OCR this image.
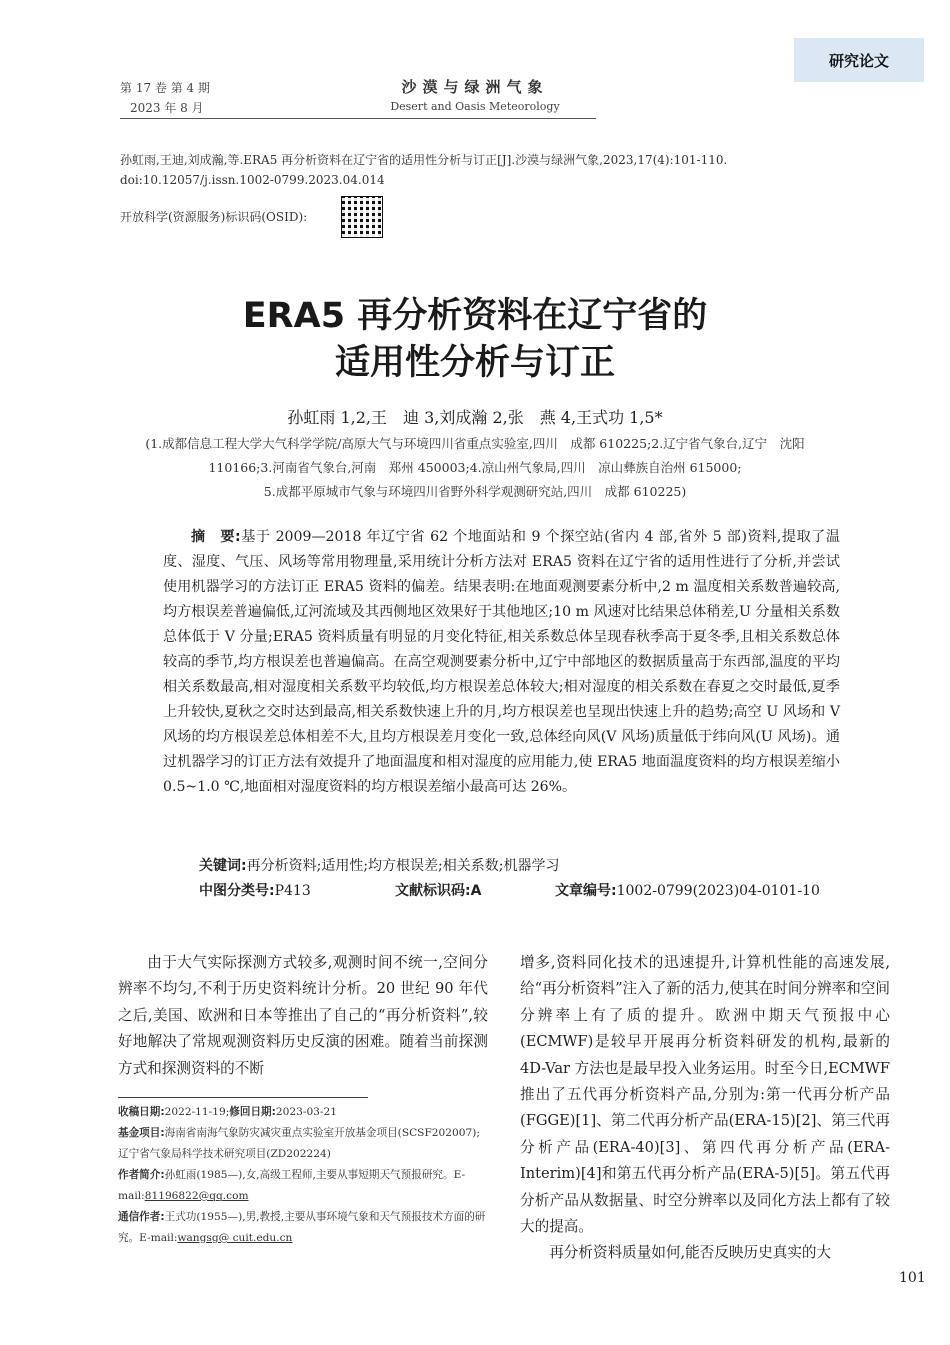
研究论文
第 17 卷 第 4 期
2023 年 8 月
沙漠与绿洲气象
Desert and Oasis Meteorology
孙虹雨,王迪,刘成瀚,等.ERA5 再分析资料在辽宁省的适用性分析与订正[J].沙漠与绿洲气象,2023,17(4):101-110.
doi:10.12057/j.issn.1002-0799.2023.04.014
开放科学(资源服务)标识码(OSID):
ERA5 再分析资料在辽宁省的
适用性分析与订正
孙虹雨 1,2,王　迪 3,刘成瀚 2,张　燕 4,王式功 1,5*
(1.成都信息工程大学大气科学学院/高原大气与环境四川省重点实验室,四川　成都 610225;2.辽宁省气象台,辽宁　沈阳
110166;3.河南省气象台,河南　郑州 450003;4.凉山州气象局,四川　凉山彝族自治州 615000;
5.成都平原城市气象与环境四川省野外科学观测研究站,四川　成都 610225)
摘　要:基于 2009—2018 年辽宁省 62 个地面站和 9 个探空站(省内 4 部,省外 5 部)资料,提取了温度、湿度、气压、风场等常用物理量,采用统计分析方法对 ERA5 资料在辽宁省的适用性进行了分析,并尝试使用机器学习的方法订正 ERA5 资料的偏差。结果表明:在地面观测要素分析中,2 m 温度相关系数普遍较高,均方根误差普遍偏低,辽河流域及其西侧地区效果好于其他地区;10 m 风速对比结果总体稍差,U 分量相关系数总体低于 V 分量;ERA5 资料质量有明显的月变化特征,相关系数总体呈现春秋季高于夏冬季,且相关系数总体较高的季节,均方根误差也普遍偏高。在高空观测要素分析中,辽宁中部地区的数据质量高于东西部,温度的平均相关系数最高,相对湿度相关系数平均较低,均方根误差总体较大;相对湿度的相关系数在春夏之交时最低,夏季上升较快,夏秋之交时达到最高,相关系数快速上升的月,均方根误差也呈现出快速上升的趋势;高空 U 风场和 V 风场的均方根误差总体相差不大,且均方根误差月变化一致,总体经向风(V 风场)质量低于纬向风(U 风场)。通过机器学习的订正方法有效提升了地面温度和相对湿度的应用能力,使 ERA5 地面温度资料的均方根误差缩小 0.5~1.0 ℃,地面相对湿度资料的均方根误差缩小最高可达 26%。
关键词:再分析资料;适用性;均方根误差;相关系数;机器学习
中图分类号:P413	文献标识码:A	文章编号:1002-0799(2023)04-0101-10

由于大气实际探测方式较多,观测时间不统一,空间分辨率不均匀,不利于历史资料统计分析。20 世纪 90 年代之后,美国、欧洲和日本等推出了自己的“再分析资料”,较好地解决了常规观测资料历史反演的困难。随着当前探测方式和探测资料的不断

增多,资料同化技术的迅速提升,计算机性能的高速发展,给“再分析资料”注入了新的活力,使其在时间分辨率和空间分辨率上有了质的提升。欧洲中期天气预报中心(ECMWF)是较早开展再分析资料研发的机构,最新的 4D-Var 方法也是最早投入业务运用。时至今日,ECMWF 推出了五代再分析资料产品,分别为:第一代再分析产品(FGGE)[1]、第二代再分析产品(ERA-15)[2]、第三代再分析产品(ERA-40)[3]、第四代再分析产品(ERA-Interim)[4]和第五代再分析产品(ERA-5)[5]。第五代再分析产品从数据量、时空分辨率以及同化方法上都有了较大的提高。

再分析资料质量如何,能否反映历史真实的大

收稿日期:2022-11-19;修回日期:2023-03-21
基金项目:海南省南海气象防灾减灾重点实验室开放基金项目(SCSF202007);辽宁省气象局科学技术研究项目(ZD202224)
作者简介:孙虹雨(1985—),女,高级工程师,主要从事短期天气预报研究。E-mail:81196822@qq.com
通信作者:王式功(1955—),男,教授,主要从事环境气象和天气预报技术方面的研究。E-mail:wangsg@ cuit.edu.cn
101
